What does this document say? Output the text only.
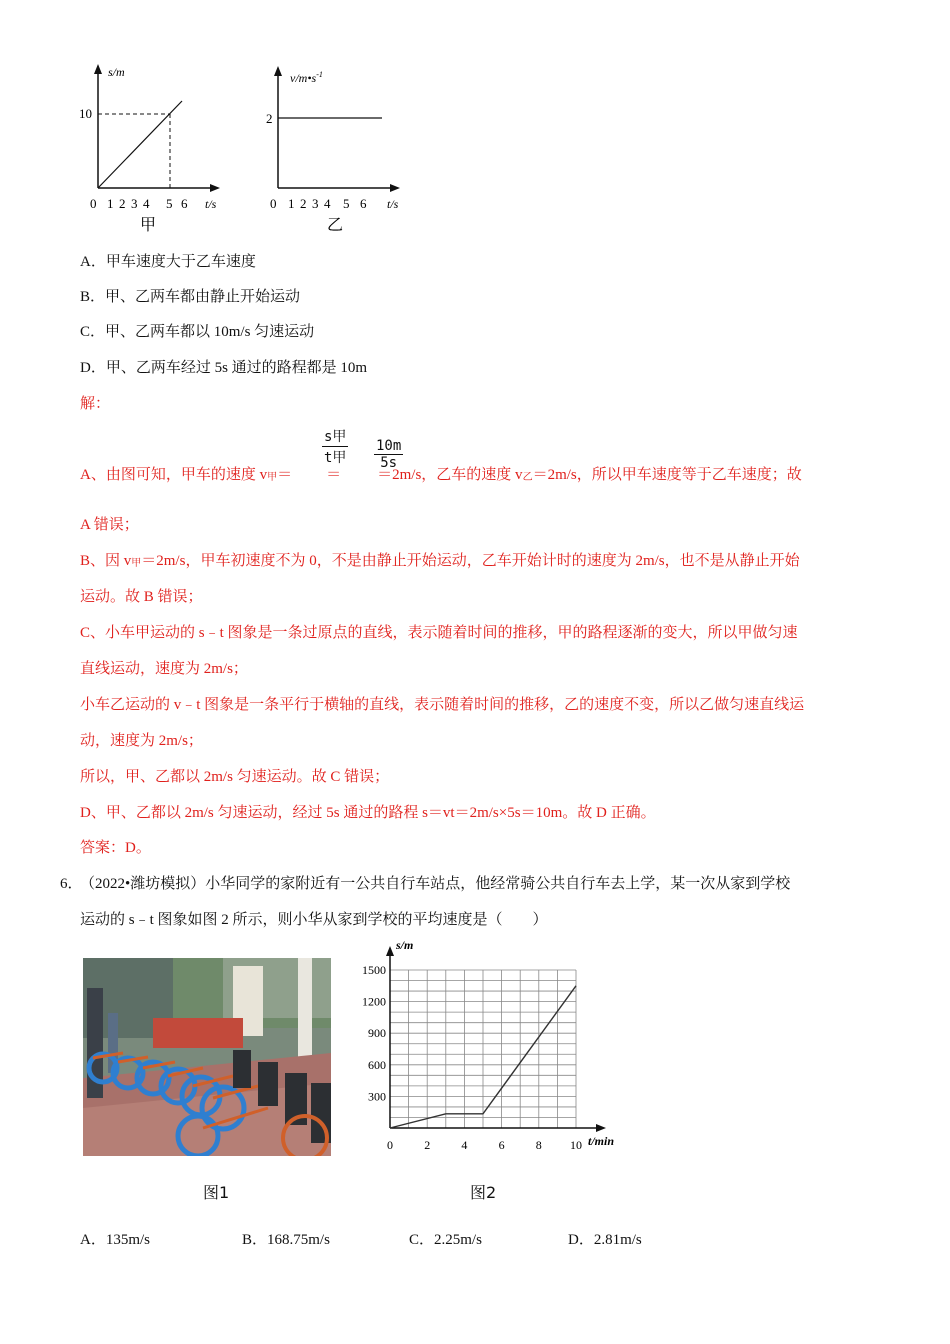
s/m
10
0 1 2 3 4 5 6 t/s
甲
$v/m•s^{-1}$
2
0 1 2 3 4 5 6 t/s
乙
A．甲车速度大于乙车速度
B．甲、乙两车都由静止开始运动
C．甲、乙两车都以 10m/s 匀速运动
D．甲、乙两车经过 5s 通过的路程都是 10m
解：
A、由图可知，甲车的速度 v甲＝ ＝ ＝2m/s，乙车的速度 v乙＝2m/s，所以甲车速度等于乙车速度；故
s甲
t甲
10m
5s
A 错误；
B、因 v甲＝2m/s，甲车初速度不为 0，不是由静止开始运动，乙车开始计时的速度为 2m/s，也不是从静止开始
运动。故 B 错误；
C、小车甲运动的 s﹣t 图象是一条过原点的直线，表示随着时间的推移，甲的路程逐渐的变大，所以甲做匀速
直线运动，速度为 2m/s；
小车乙运动的 v﹣t 图象是一条平行于横轴的直线，表示随着时间的推移，乙的速度不变，所以乙做匀速直线运
动，速度为 2m/s；
所以，甲、乙都以 2m/s 匀速运动。故 C 错误；
D、甲、乙都以 2m/s 匀速运动，经过 5s 通过的路程 s＝vt＝2m/s×5s＝10m。故 D 正确。
答案：D。
6．
（2022•潍坊模拟）小华同学的家附近有一公共自行车站点，他经常骑公共自行车去上学，某一次从家到学校
运动的 s﹣t 图象如图 2 所示，则小华从家到学校的平均速度是（　　）
0	2	4	6	8 10
300
600
900
1200
1500
s/m
t/min
图1	图2
A．135m/s	B．168.75m/s	C．2.25m/s	D．2.81m/s
